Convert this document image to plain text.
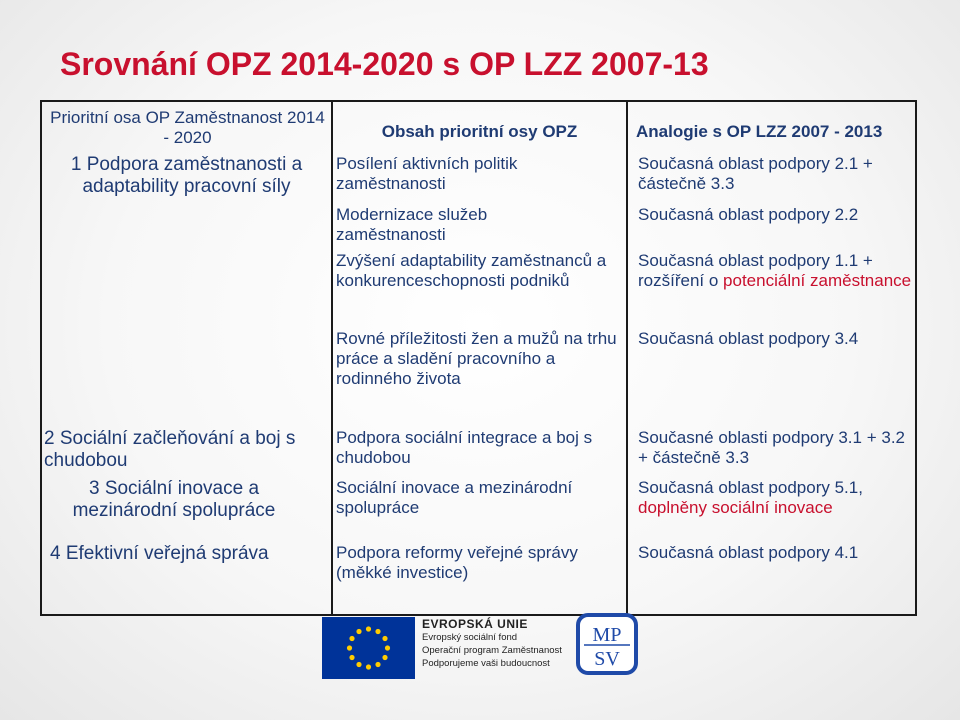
Srovnání OPZ 2014-2020 s OP LZZ 2007-13
Prioritní osa OP Zaměstnanost 2014 - 2020
1 Podpora zaměstnanosti a adaptability pracovní síly
2 Sociální začleňování a boj s chudobou
3 Sociální inovace a mezinárodní spolupráce
4 Efektivní veřejná správa
Obsah prioritní osy OPZ
Posílení aktivních politik zaměstnanosti
Modernizace služeb zaměstnanosti
Zvýšení adaptability zaměstnanců a konkurenceschopnosti podniků
Rovné příležitosti žen a mužů na trhu práce a sladění pracovního a rodinného života
Podpora sociální integrace a boj s chudobou
Sociální inovace a mezinárodní spolupráce
Podpora reformy veřejné správy (měkké investice)
Analogie s OP LZZ 2007 - 2013
Současná oblast podpory 2.1 + částečně 3.3
Současná oblast podpory 2.2
Současná oblast podpory 1.1 + rozšíření o potenciální zaměstnance
Současná oblast podpory 3.4
Současné oblasti podpory 3.1 + 3.2 + částečně 3.3
Současná oblast podpory 5.1, doplněny sociální inovace
Současná oblast podpory 4.1
EVROPSKÁ UNIE
Evropský sociální fond
Operační program Zaměstnanost
Podporujeme vaši budoucnost
MP
SV
